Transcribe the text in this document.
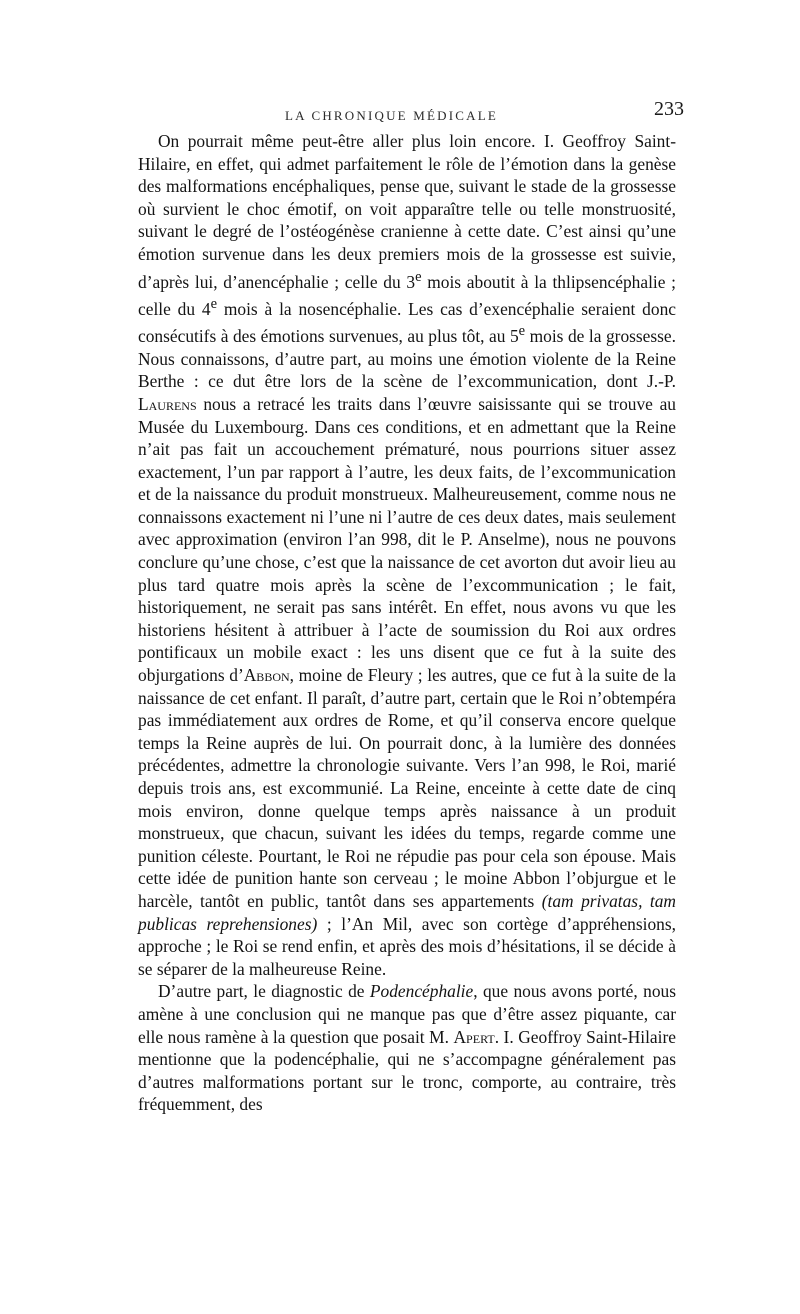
LA CHRONIQUE MÉDICALE	233

On pourrait même peut-être aller plus loin encore. I. Geoffroy Saint-Hilaire, en effet, qui admet parfaitement le rôle de l’émotion dans la genèse des malformations encéphaliques, pense que, suivant le stade de la grossesse où survient le choc émotif, on voit apparaître telle ou telle monstruosité, suivant le degré de l’ostéogénèse cranienne à cette date. C’est ainsi qu’une émotion survenue dans les deux premiers mois de la grossesse est suivie, d’après lui, d’anencéphalie ; celle du 3e mois aboutit à la thlipsencéphalie ; celle du 4e mois à la nosencéphalie. Les cas d’exencéphalie seraient donc consécutifs à des émotions survenues, au plus tôt, au 5e mois de la grossesse. Nous connaissons, d’autre part, au moins une émotion violente de la Reine Berthe : ce dut être lors de la scène de l’excommunication, dont J.-P. Laurens nous a retracé les traits dans l’œuvre saisissante qui se trouve au Musée du Luxembourg. Dans ces conditions, et en admettant que la Reine n’ait pas fait un accouchement prématuré, nous pourrions situer assez exactement, l’un par rapport à l’autre, les deux faits, de l’excommunication et de la naissance du produit monstrueux. Malheureusement, comme nous ne connaissons exactement ni l’une ni l’autre de ces deux dates, mais seulement avec approximation (environ l’an 998, dit le P. Anselme), nous ne pouvons conclure qu’une chose, c’est que la naissance de cet avorton dut avoir lieu au plus tard quatre mois après la scène de l’excommunication ; le fait, historiquement, ne serait pas sans intérêt. En effet, nous avons vu que les historiens hésitent à attribuer à l’acte de soumission du Roi aux ordres pontificaux un mobile exact : les uns disent que ce fut à la suite des objurgations d’Abbon, moine de Fleury ; les autres, que ce fut à la suite de la naissance de cet enfant. Il paraît, d’autre part, certain que le Roi n’obtempéra pas immédiatement aux ordres de Rome, et qu’il conserva encore quelque temps la Reine auprès de lui. On pourrait donc, à la lumière des données précédentes, admettre la chronologie suivante. Vers l’an 998, le Roi, marié depuis trois ans, est excommunié. La Reine, enceinte à cette date de cinq mois environ, donne quelque temps après naissance à un produit monstrueux, que chacun, suivant les idées du temps, regarde comme une punition céleste. Pourtant, le Roi ne répudie pas pour cela son épouse. Mais cette idée de punition hante son cerveau ; le moine Abbon l’objurgue et le harcèle, tantôt en public, tantôt dans ses appartements (tam privatas, tam publicas reprehensiones) ; l’An Mil, avec son cortège d’appréhensions, approche ; le Roi se rend enfin, et après des mois d’hésitations, il se décide à se séparer de la malheureuse Reine.

D’autre part, le diagnostic de Podencéphalie, que nous avons porté, nous amène à une conclusion qui ne manque pas que d’être assez piquante, car elle nous ramène à la question que posait M. Apert. I. Geoffroy Saint-Hilaire mentionne que la podencéphalie, qui ne s’accompagne généralement pas d’autres malformations portant sur le tronc, comporte, au contraire, très fréquemment, des
